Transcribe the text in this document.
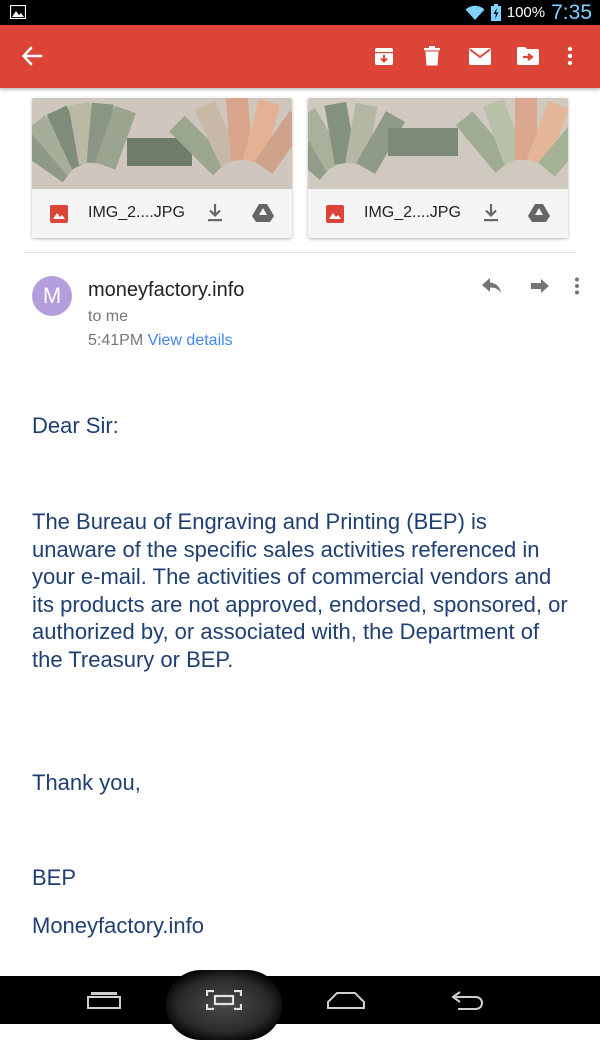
100% 7:35
IMG_2....JPG	IMG_2....JPG
M	moneyfactory.info
to me
5:41PM View details
Dear Sir:
The Bureau of Engraving and Printing (BEP) is unaware of the specific sales activities referenced in your e-mail. The activities of commercial vendors and its products are not approved, endorsed, sponsored, or authorized by, or associated with, the Department of the Treasury or BEP.
Thank you,
BEP
Moneyfactory.info
